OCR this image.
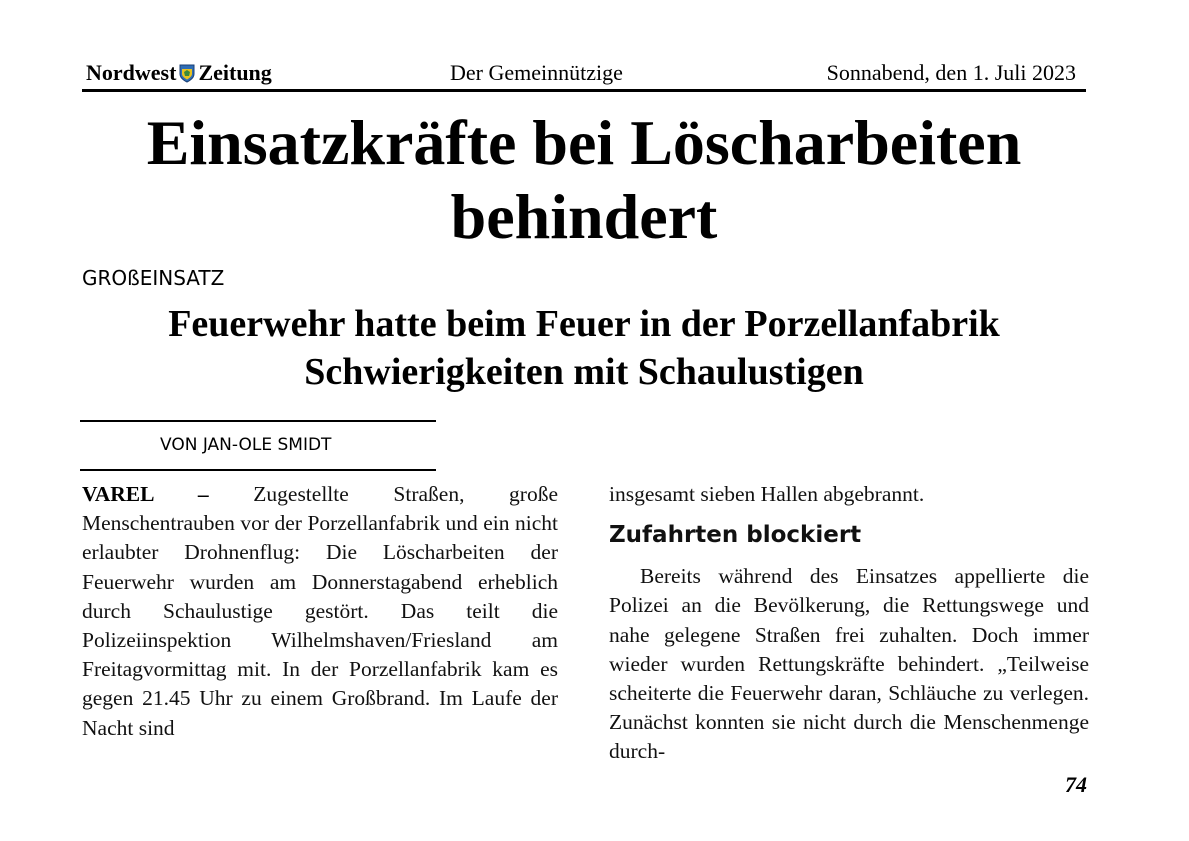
Nordwest Zeitung	Der Gemeinnützige	Sonnabend, den 1. Juli 2023
Einsatzkräfte bei Löscharbeiten behindert

GROßEINSATZ

Feuerwehr hatte beim Feuer in der Porzellanfabrik Schwierigkeiten mit Schaulustigen

VON JAN-OLE SMIDT

VAREL – Zugestellte Straßen, große Menschentrauben vor der Porzellanfabrik und ein nicht erlaubter Drohnenflug: Die Löscharbeiten der Feuerwehr wurden am Donnerstagabend erheblich durch Schaulustige gestört. Das teilt die Polizeiinspektion Wilhelmshaven/Friesland am Freitagvormittag mit. In der Porzellanfabrik kam es gegen 21.45 Uhr zu einem Großbrand. Im Laufe der Nacht sind

insgesamt sieben Hallen abgebrannt.

Zufahrten blockiert

Bereits während des Einsatzes appellierte die Polizei an die Bevölkerung, die Rettungswege und nahe gelegene Straßen frei zuhalten. Doch immer wieder wurden Rettungskräfte behindert. „Teilweise scheiterte die Feuerwehr daran, Schläuche zu verlegen. Zunächst konnten sie nicht durch die Menschenmenge durch-

74
